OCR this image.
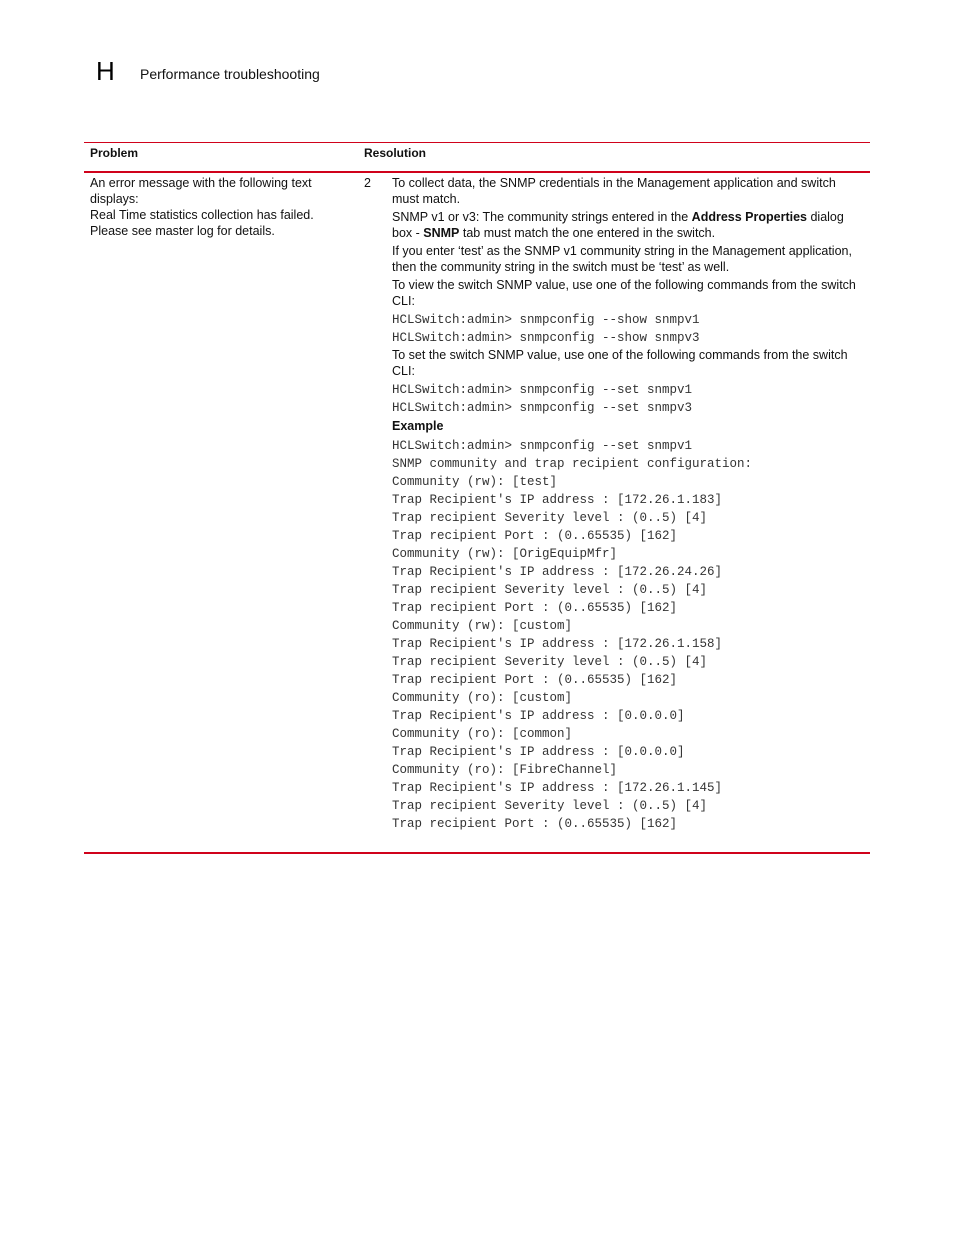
H Performance troubleshooting
Problem	Resolution
An error message with the following text
displays:
Real Time statistics collection has failed.
Please see master log for details.
2 To collect data, the SNMP credentials in the Management application and switch must match.

SNMP v1 or v3: The community strings entered in the Address Properties dialog box - SNMP tab must match the one entered in the switch.

If you enter ‘test’ as the SNMP v1 community string in the Management application, then the community string in the switch must be ‘test’ as well.

To view the switch SNMP value, use one of the following commands from the switch CLI:

HCLSwitch:admin> snmpconfig --show snmpv1
HCLSwitch:admin> snmpconfig --show snmpv3

To set the switch SNMP value, use one of the following commands from the switch CLI:

HCLSwitch:admin> snmpconfig --set snmpv1
HCLSwitch:admin> snmpconfig --set snmpv3

Example

HCLSwitch:admin> snmpconfig --set snmpv1
SNMP community and trap recipient configuration:
Community (rw): [test]
Trap Recipient's IP address : [172.26.1.183]
Trap recipient Severity level : (0..5) [4]
Trap recipient Port : (0..65535) [162]
Community (rw): [OrigEquipMfr]
Trap Recipient's IP address : [172.26.24.26]
Trap recipient Severity level : (0..5) [4]
Trap recipient Port : (0..65535) [162]
Community (rw): [custom]
Trap Recipient's IP address : [172.26.1.158]
Trap recipient Severity level : (0..5) [4]
Trap recipient Port : (0..65535) [162]
Community (ro): [custom]
Trap Recipient's IP address : [0.0.0.0]
Community (ro): [common]
Trap Recipient's IP address : [0.0.0.0]
Community (ro): [FibreChannel]
Trap Recipient's IP address : [172.26.1.145]
Trap recipient Severity level : (0..5) [4]
Trap recipient Port : (0..65535) [162]
